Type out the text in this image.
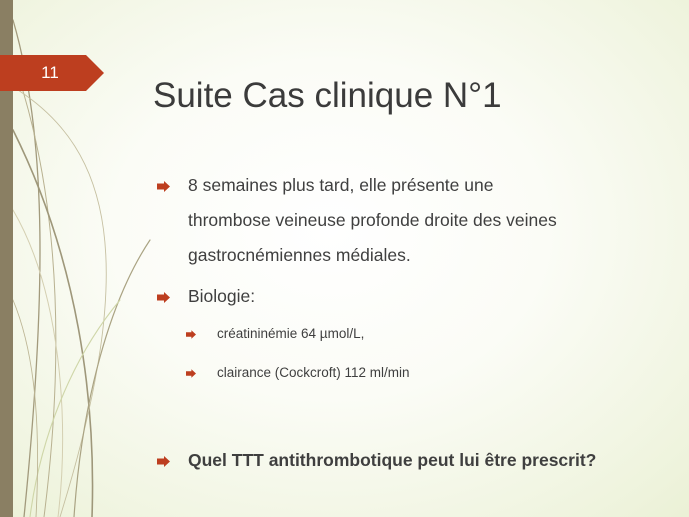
11
Suite Cas clinique N°1
8 semaines plus tard, elle présente une
thrombose veineuse profonde droite des veines
gastrocnémiennes médiales.
Biologie:
créatininémie 64 µmol/L,
clairance (Cockcroft) 112 ml/min
Quel TTT antithrombotique peut lui être prescrit?
